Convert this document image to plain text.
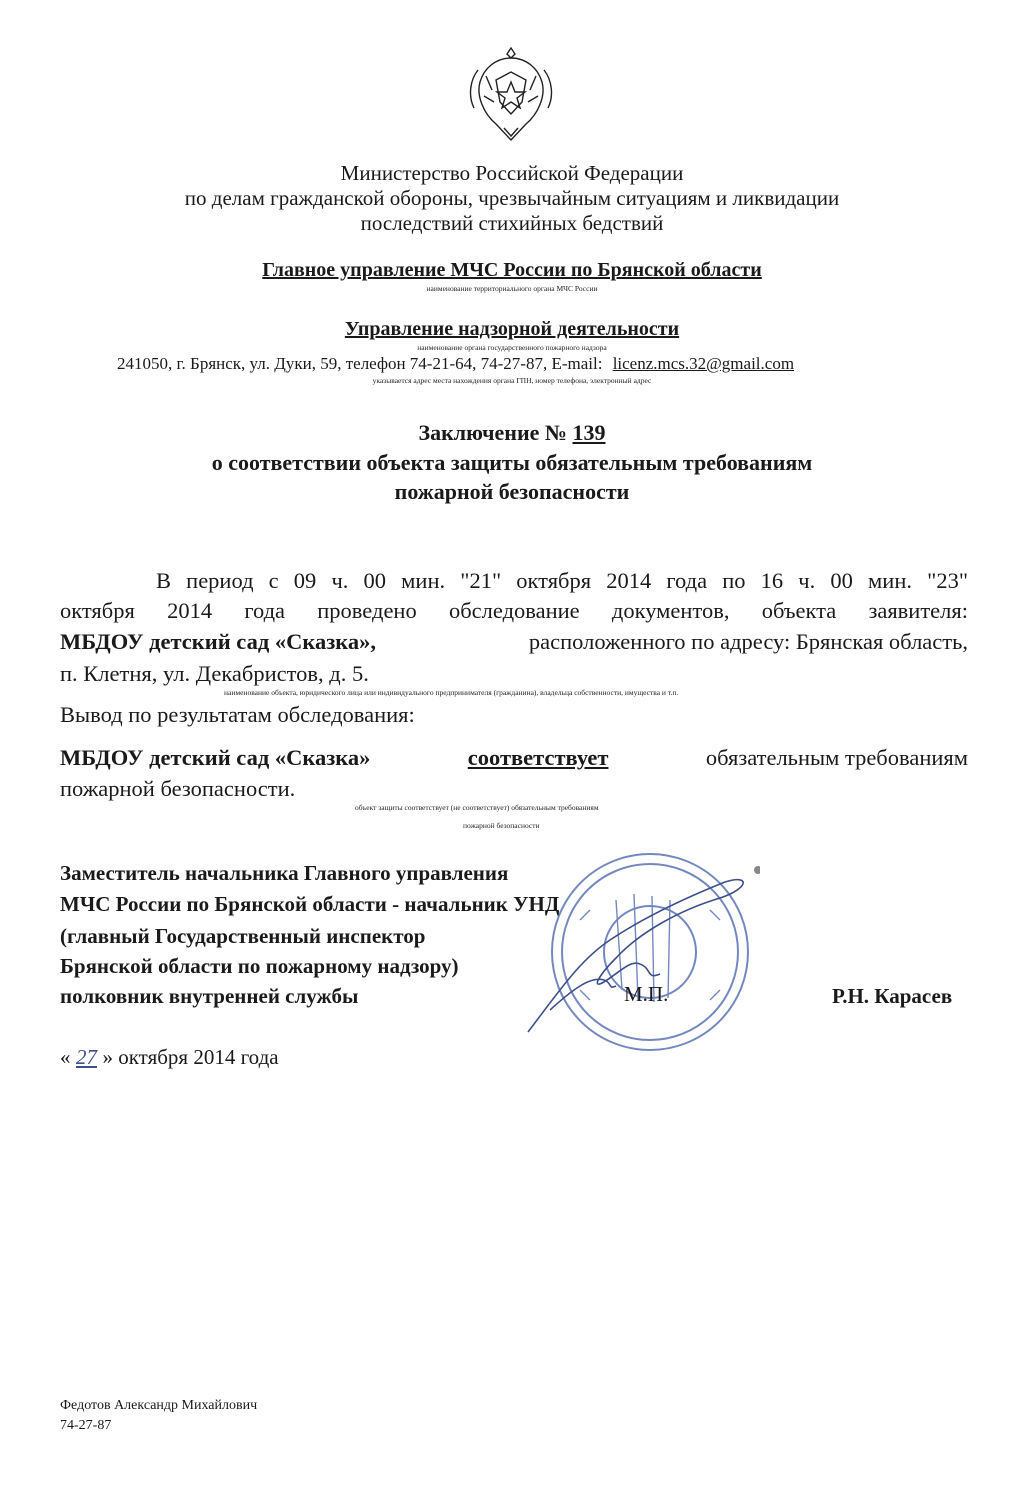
Министерство Российской Федерации
по делам гражданской обороны, чрезвычайным ситуациям и ликвидации
последствий стихийных бедствий
Главное управление МЧС России по Брянской области
наименование территориального органа МЧС России
Управление надзорной деятельности
наименование органа государственного пожарного надзора
241050, г. Брянск, ул. Дуки, 59, телефон 74-21-64, 74-27-87, E-mail: licenz.mcs.32@gmail.com
указывается адрес места нахождения органа ГПН, номер телефона, электронный адрес
Заключение № 139
о соответствии объекта защиты обязательным требованиям
пожарной безопасности
В период с 09 ч. 00 мин. "21" октября 2014 года по 16 ч. 00 мин. "23"
октября 2014 года проведено обследование документов, объекта заявителя:
МБДОУ детский сад «Сказка»,	расположенного по адресу: Брянская область,
п. Клетня, ул. Декабристов, д. 5.
наименование объекта, юридического лица или индивидуального предпринимателя (гражданина), владельца собственности, имущества и т.п.
Вывод по результатам обследования:
МБДОУ детский сад «Сказка»	соответствует	обязательным требованиям
пожарной безопасности.
объект защиты соответствует (не соответствует) обязательным требованиям
пожарной безопасности
Заместитель начальника Главного управления
МЧС России по Брянской области - начальник УНД
(главный Государственный инспектор
Брянской области по пожарному надзору)
полковник внутренней службы	М.П.	Р.Н. Карасев
« 27 » октября 2014 года
Федотов Александр Михайлович
74-27-87
